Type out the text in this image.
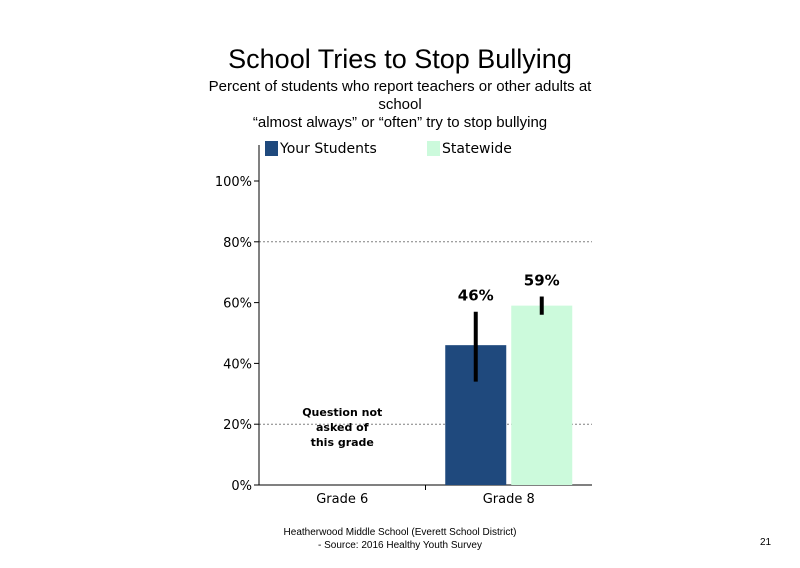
School Tries to Stop Bullying
Percent of students who report teachers or other adults at
school
“almost always” or “often” try to stop bullying
Your Students	Statewide
0%
20%
40%
60%
80%
100%
Grade 6	Grade 8
46%
59%
Question not
asked of
this grade
Heatherwood Middle School (Everett School District)
- Source: 2016 Healthy Youth Survey	21
